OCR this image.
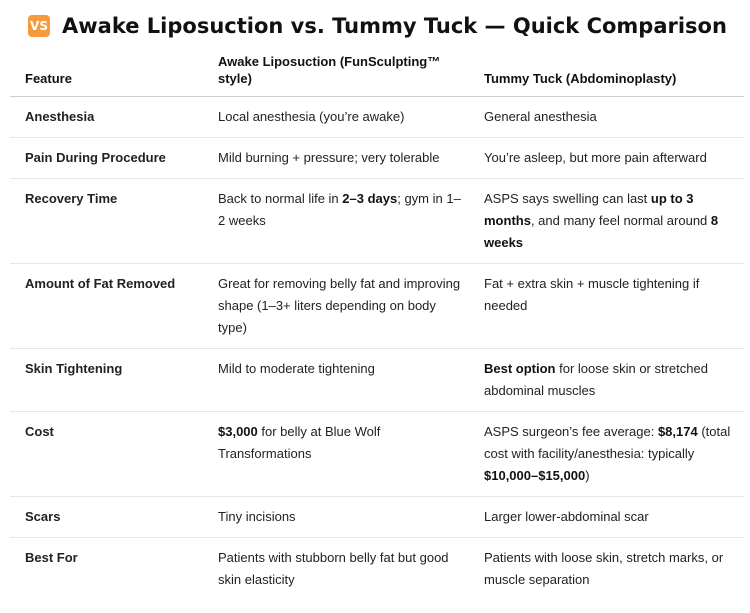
VS Awake Liposuction vs. Tummy Tuck — Quick Comparison
Feature	Awake Liposuction (FunSculpting™ style)	Tummy Tuck (Abdominoplasty)
Anesthesia	Local anesthesia (you’re awake)	General anesthesia
Pain During Procedure	Mild burning + pressure; very tolerable	You’re asleep, but more pain afterward
Recovery Time	Back to normal life in 2–3 days; gym in 1–2 weeks	ASPS says swelling can last up to 3 months, and many feel normal around 8 weeks
Amount of Fat Removed	Great for removing belly fat and improving shape (1–3+ liters depending on body type)	Fat + extra skin + muscle tightening if needed
Skin Tightening	Mild to moderate tightening	Best option for loose skin or stretched abdominal muscles
Cost	$3,000 for belly at Blue Wolf Transformations	ASPS surgeon’s fee average: $8,174 (total cost with facility/anesthesia: typically $10,000–$15,000)
Scars	Tiny incisions	Larger lower-abdominal scar
Best For	Patients with stubborn belly fat but good skin elasticity	Patients with loose skin, stretch marks, or muscle separation
